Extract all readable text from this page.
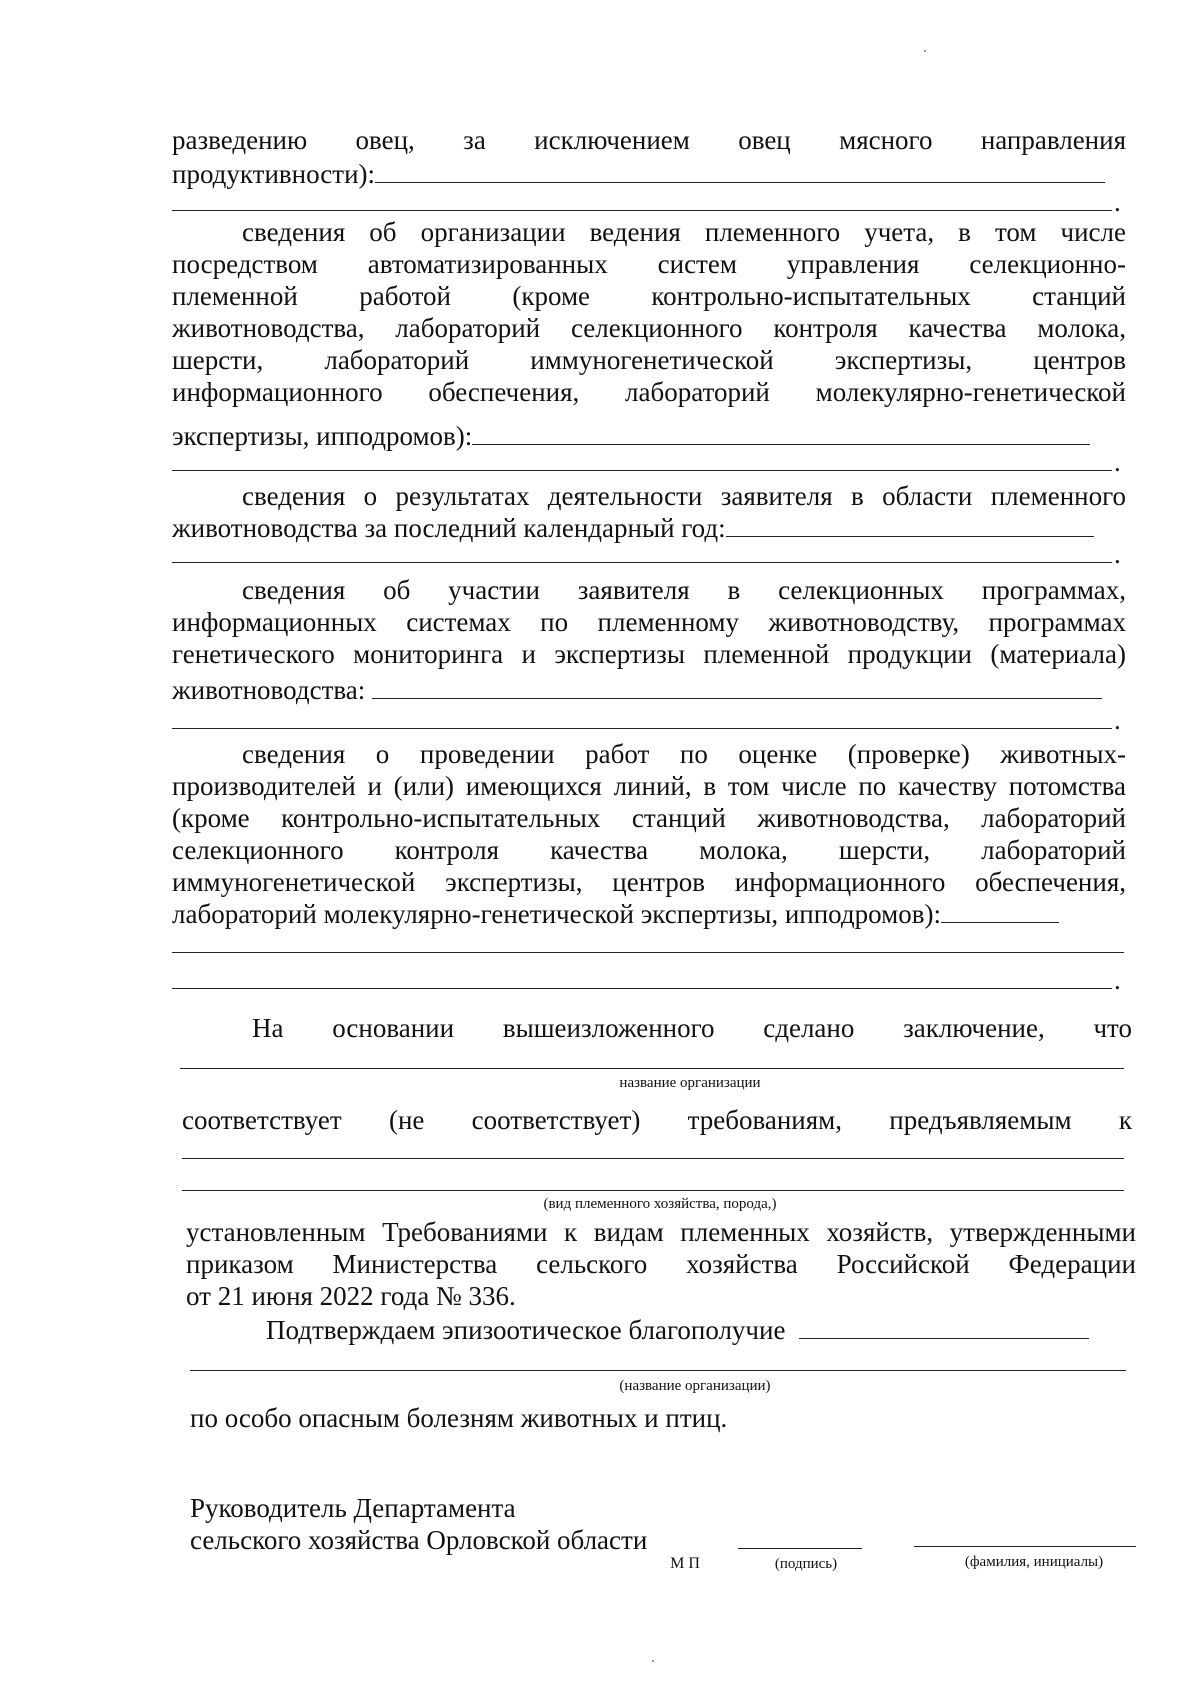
разведению овец, за исключением овец мясного направления
продуктивности):
.
сведения об организации ведения племенного учета, в том числе
посредством автоматизированных систем управления селекционно-
племенной работой (кроме контрольно-испытательных станций
животноводства, лабораторий селекционного контроля качества молока,
шерсти, лабораторий иммуногенетической экспертизы, центров
информационного обеспечения, лабораторий молекулярно-генетической
экспертизы, ипподромов):
.
сведения о результатах деятельности заявителя в области племенного
животноводства за последний календарный год:
.
сведения об участии заявителя в селекционных программах,
информационных системах по племенному животноводству, программах
генетического мониторинга и экспертизы племенной продукции (материала)
животноводства:
.
сведения о проведении работ по оценке (проверке) животных-
производителей и (или) имеющихся линий, в том числе по качеству потомства
(кроме контрольно-испытательных станций животноводства, лабораторий
селекционного контроля качества молока, шерсти, лабораторий
иммуногенетической экспертизы, центров информационного обеспечения,
лабораторий молекулярно-генетической экспертизы, ипподромов):
.
На основании вышеизложенного сделано заключение, что
название организации
соответствует (не соответствует) требованиям, предъявляемым к
(вид племенного хозяйства, порода,)
установленным Требованиями к видам племенных хозяйств, утвержденными
приказом Министерства сельского хозяйства Российской Федерации
от 21 июня 2022 года № 336.
Подтверждаем эпизоотическое благополучие
(название организации)
по особо опасным болезням животных и птиц.
Руководитель Департамента
сельского хозяйства Орловской области
М П	(подпись)	(фамилия, инициалы)
